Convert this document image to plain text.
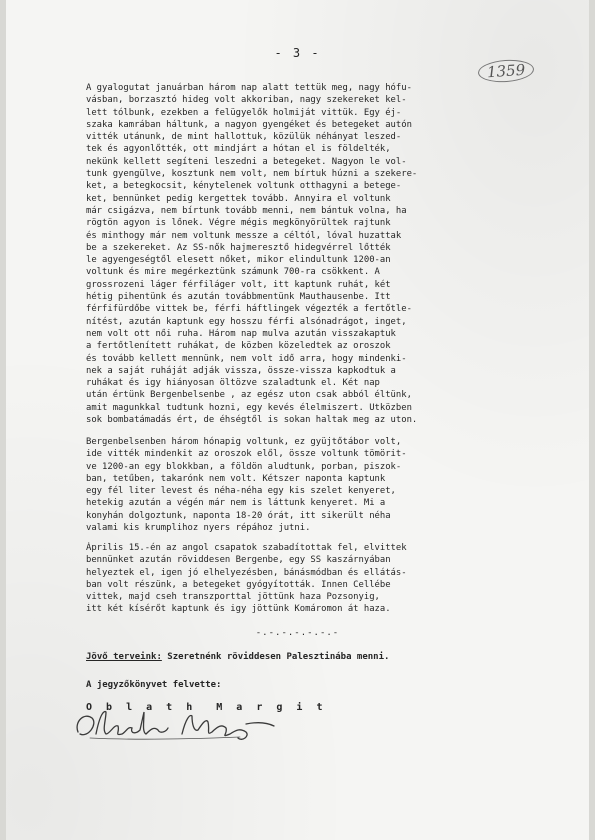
- 3 -
1359

A gyalogutat januárban három nap alatt tettük meg, nagy hófu-
vásban, borzasztó hideg volt akkoriban, nagy szekereket kel-
lett tólbunk, ezekben a felügyelők holmiját vittük. Egy éj-
szaka kamrában háltunk, a nagyon gyengéket és betegeket autón
vitték utánunk, de mint hallottuk, közülük néhányat leszed-
tek és agyonlőtték, ott mindjárt a hótan el is földelték,
nekünk kellett segíteni leszedni a betegeket. Nagyon le vol-
tunk gyengülve, kosztunk nem volt, nem bírtuk húzni a szekere-
ket, a betegkocsit, kénytelenek voltunk otthagyni a betege-
ket, bennünket pedig kergettek tovább. Annyira el voltunk
már csigázva, nem bírtunk tovább menni, nem bántuk volna, ha
rögtön agyon is lőnek. Végre mégis megkönyörültek rajtunk
és minthogy már nem voltunk messze a céltól, lóval huzattak
be a szekereket. Az SS-nők hajmeresztő hidegvérrel lőtték
le agyengeségtől elesett nőket, mikor elindultunk 1200-an
voltunk és mire megérkeztünk számunk 700-ra csökkent. A
grossrozeni láger férfiláger volt, itt kaptunk ruhát, két
hétig pihentünk és azután továbbmentünk Mauthausenbe. Itt
férfifürdőbe vittek be, férfi háftlingek végezték a fertőtle-
nítést, azután kaptunk egy hosszu férfi alsónadrágot, inget,
nem volt ott női ruha. Három nap mulva azután visszakaptuk
a fertőtlenített ruhákat, de közben közeledtek az oroszok
és tovább kellett mennünk, nem volt idő arra, hogy mindenki-
nek a saját ruháját adják vissza, össze-vissza kapkodtuk a
ruhákat és igy hiányosan öltözve szaladtunk el. Két nap
után értünk Bergenbelsenbe , az egész uton csak abból éltünk,
amit magunkkal tudtunk hozni, egy kevés élelmiszert. Utközben
sok bombatámadás ért, de éhségtől is sokan haltak meg az uton.

Bergenbelsenben három hónapig voltunk, ez gyüjtőtábor volt,
ide vitték mindenkit az oroszok elől, össze voltunk tömörit-
ve 1200-an egy blokkban, a földön aludtunk, porban, piszok-
ban, tetűben, takarónk nem volt. Kétszer naponta kaptunk
egy fél liter levest és néha-néha egy kis szelet kenyeret,
hetekig azután a végén már nem is láttunk kenyeret. Mi a
konyhán dolgoztunk, naponta 18-20 órát, itt sikerült néha
valami kis krumplihoz nyers répához jutni.

Április 15.-én az angol csapatok szabadítottak fel, elvittek
bennünket azután röviddesen Bergenbe, egy SS kaszárnyában
helyeztek el, igen jó elhelyezésben, bánásmódban és ellátás-
ban volt részünk, a betegeket gyógyították. Innen Cellébe
vittek, majd cseh transzporttal jöttünk haza Pozsonyig,
itt két kísérőt kaptunk és igy jöttünk Komáromon át haza.

-.-.-.-.-.-.-
Jövő terveink: Szeretnénk röviddesen Palesztinába menni.
A jegyzőkönyvet felvette:
O b l a t h  M a r g i t
